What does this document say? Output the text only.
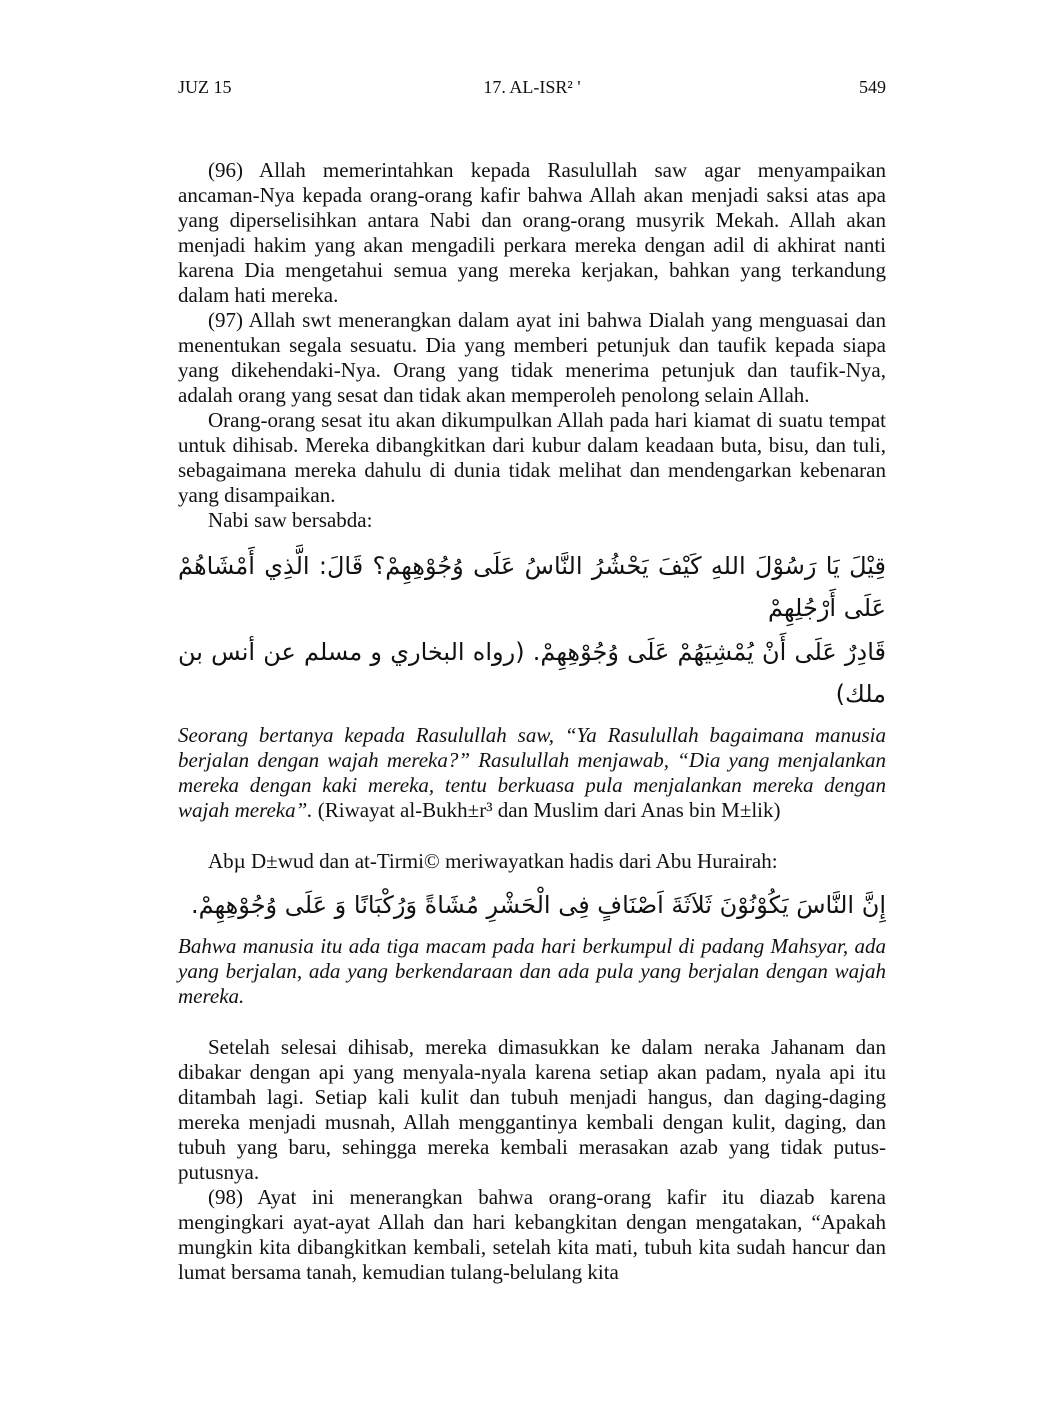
JUZ 15	17. AL-ISR² '	549

(96) Allah memerintahkan kepada Rasulullah saw agar menyampaikan ancaman-Nya kepada orang-orang kafir bahwa Allah akan menjadi saksi atas apa yang diperselisihkan antara Nabi dan orang-orang musyrik Mekah. Allah akan menjadi hakim yang akan mengadili perkara mereka dengan adil di akhirat nanti karena Dia mengetahui semua yang mereka kerjakan, bahkan yang terkandung dalam hati mereka.

(97) Allah swt menerangkan dalam ayat ini bahwa Dialah yang menguasai dan menentukan segala sesuatu. Dia yang memberi petunjuk dan taufik kepada siapa yang dikehendaki-Nya. Orang yang tidak menerima petunjuk dan taufik-Nya, adalah orang yang sesat dan tidak akan memperoleh penolong selain Allah.

Orang-orang sesat itu akan dikumpulkan Allah pada hari kiamat di suatu tempat untuk dihisab. Mereka dibangkitkan dari kubur dalam keadaan buta, bisu, dan tuli, sebagaimana mereka dahulu di dunia tidak melihat dan mendengarkan kebenaran yang disampaikan.

Nabi saw bersabda:

قِيْلَ يَا رَسُوْلَ اللهِ كَيْفَ يَحْشُرُ النَّاسُ عَلَى وُجُوْهِهِمْ؟ قَالَ: الَّذِي أَمْشَاهُمْ عَلَى أَرْجُلِهِمْ

قَادِرٌ عَلَى أَنْ يُمْشِيَهُمْ عَلَى وُجُوْهِهِمْ. (رواه البخاري و مسلم عن أنس بن ملك)

Seorang bertanya kepada Rasulullah saw, “Ya Rasulullah bagaimana manusia berjalan dengan wajah mereka?” Rasulullah menjawab, “Dia yang menjalankan mereka dengan kaki mereka, tentu berkuasa pula menjalankan mereka dengan wajah mereka”. (Riwayat al-Bukh±r³ dan Muslim dari Anas bin M±lik)

Abµ D±wud dan at-Tirmi© meriwayatkan hadis dari Abu Hurairah:

إِنَّ النَّاسَ يَكُوْنُوْنَ ثَلاَثَةَ اَصْنَافٍ فِى الْحَشْرِ مُشَاةً وَرُكْبَانًا وَ عَلَى وُجُوْهِهِمْ.

Bahwa manusia itu ada tiga macam pada hari berkumpul di padang Mahsyar, ada yang berjalan, ada yang berkendaraan dan ada pula yang berjalan dengan wajah mereka.

Setelah selesai dihisab, mereka dimasukkan ke dalam neraka Jahanam dan dibakar dengan api yang menyala-nyala karena setiap akan padam, nyala api itu ditambah lagi. Setiap kali kulit dan tubuh menjadi hangus, dan daging-daging mereka menjadi musnah, Allah menggantinya kembali dengan kulit, daging, dan tubuh yang baru, sehingga mereka kembali merasakan azab yang tidak putus-putusnya.

(98) Ayat ini menerangkan bahwa orang-orang kafir itu diazab karena mengingkari ayat-ayat Allah dan hari kebangkitan dengan mengatakan, “Apakah mungkin kita dibangkitkan kembali, setelah kita mati, tubuh kita sudah hancur dan lumat bersama tanah, kemudian tulang-belulang kita
